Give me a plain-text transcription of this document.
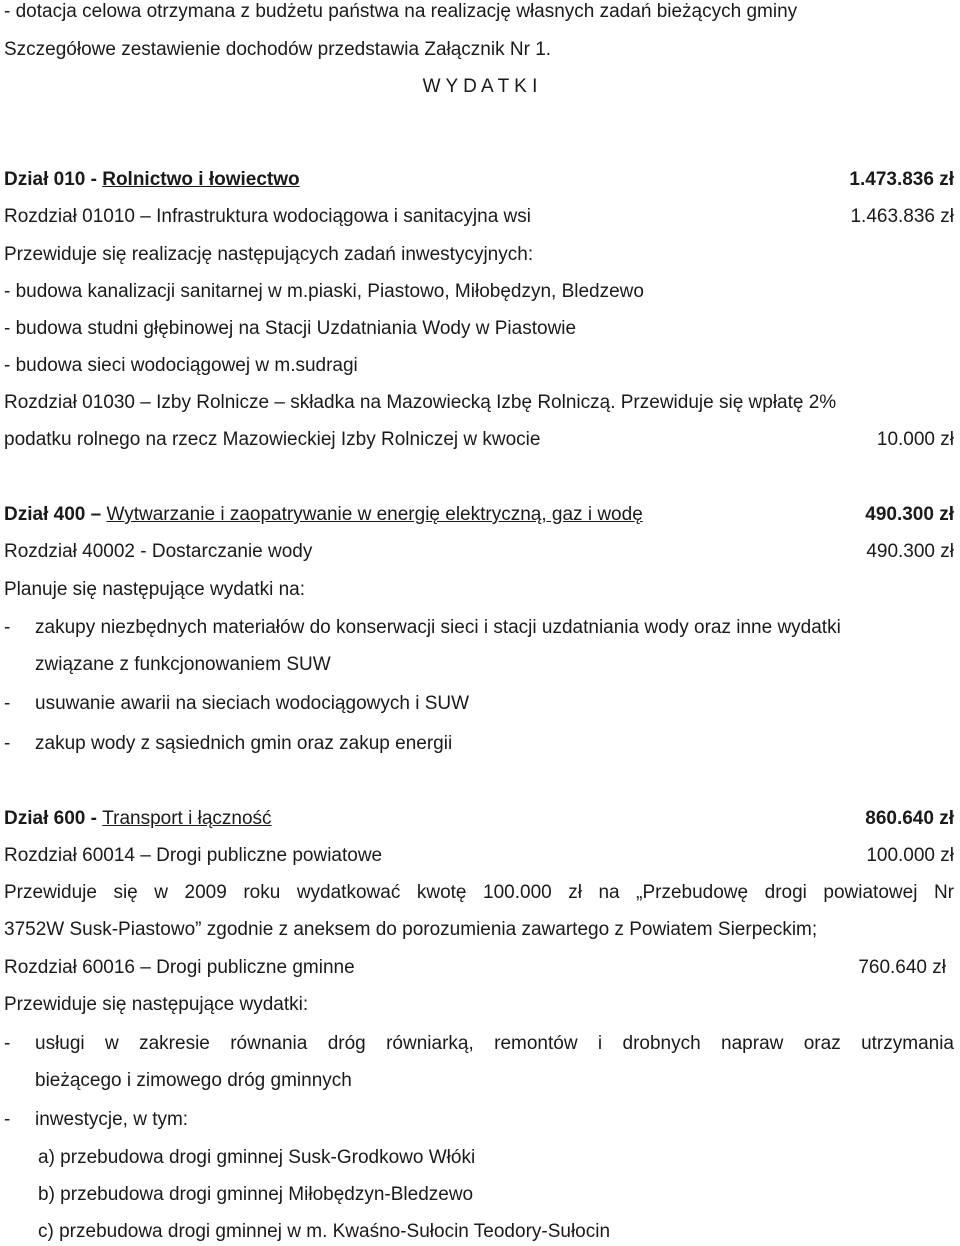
- dotacja celowa otrzymana z budżetu państwa na realizację własnych zadań bieżących gminy
Szczegółowe zestawienie dochodów przedstawia Załącznik Nr 1.
W Y D A T K I
Dział 010 - Rolnictwo i łowiectwo	1.473.836 zł
Rozdział 01010 – Infrastruktura wodociągowa i sanitacyjna wsi	1.463.836 zł
Przewiduje się realizację następujących zadań inwestycyjnych:
- budowa kanalizacji sanitarnej w m.piaski, Piastowo, Miłobędzyn, Bledzewo
- budowa studni głębinowej na Stacji Uzdatniania Wody w Piastowie
- budowa sieci wodociągowej w m.sudragi
Rozdział 01030 – Izby Rolnicze – składka na Mazowiecką Izbę Rolniczą. Przewiduje się wpłatę 2%
podatku rolnego na rzecz Mazowieckiej Izby Rolniczej w kwocie	10.000 zł
Dział 400 – Wytwarzanie i zaopatrywanie w energię elektryczną, gaz i wodę	490.300 zł
Rozdział 40002 - Dostarczanie wody	490.300 zł
Planuje się następujące wydatki na:
- zakupy niezbędnych materiałów do konserwacji sieci i stacji uzdatniania wody oraz inne wydatki
związane z funkcjonowaniem SUW
- usuwanie awarii na sieciach wodociągowych i SUW
- zakup wody z sąsiednich gmin oraz zakup energii
Dział 600 - Transport i łączność	860.640 zł
Rozdział 60014 – Drogi publiczne powiatowe	100.000 zł
Przewiduje się w 2009 roku wydatkować kwotę 100.000 zł na „Przebudowę drogi powiatowej Nr
3752W Susk-Piastowo” zgodnie z aneksem do porozumienia zawartego z Powiatem Sierpeckim;
Rozdział 60016 – Drogi publiczne gminne	760.640 zł
Przewiduje się następujące wydatki:
- usługi w zakresie równania dróg równiarką, remontów i drobnych napraw oraz utrzymania
bieżącego i zimowego dróg gminnych
- inwestycje, w tym:
a) przebudowa drogi gminnej Susk-Grodkowo Włóki
b) przebudowa drogi gminnej Miłobędzyn-Bledzewo
c) przebudowa drogi gminnej w m. Kwaśno-Sułocin Teodory-Sułocin
